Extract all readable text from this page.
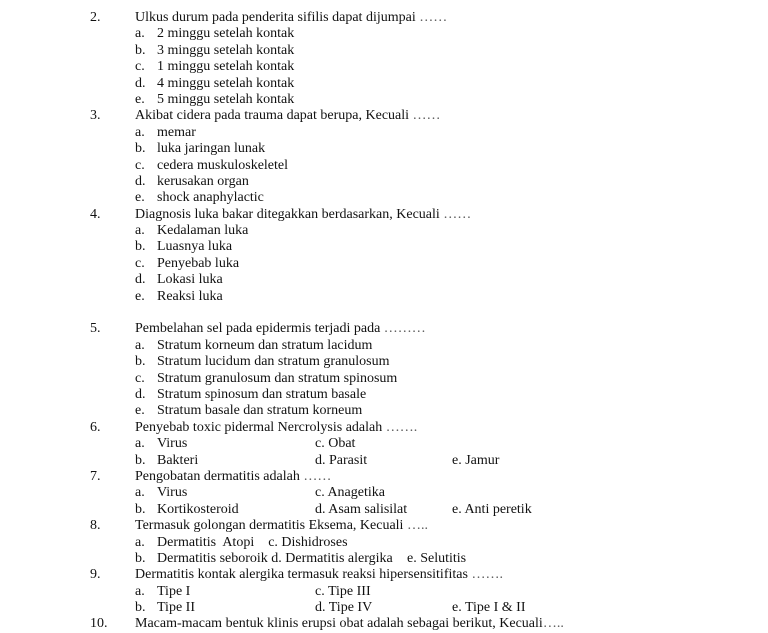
2. Ulkus durum pada penderita sifilis dapat dijumpai ……
a. 2 minggu setelah kontak
b. 3 minggu setelah kontak
c. 1 minggu setelah kontak
d. 4 minggu setelah kontak
e. 5 minggu setelah kontak
3. Akibat cidera pada trauma dapat berupa, Kecuali ……
a. memar
b. luka jaringan lunak
c. cedera muskuloskeletel
d. kerusakan organ
e. shock anaphylactic
4. Diagnosis luka bakar ditegakkan berdasarkan, Kecuali ……
a. Kedalaman luka
b. Luasnya luka
c. Penyebab luka
d. Lokasi luka
e. Reaksi luka
5. Pembelahan sel pada epidermis terjadi pada ………
a. Stratum korneum dan stratum lacidum
b. Stratum lucidum dan stratum granulosum
c. Stratum granulosum dan stratum spinosum
d. Stratum spinosum dan stratum basale
e. Stratum basale dan stratum korneum
6. Penyebab toxic pidermal Nercrolysis adalah …….
a. Virus	c. Obat
b. Bakteri	d. Parasit	e. Jamur
7. Pengobatan dermatitis adalah ……
a. Virus	c. Anagetika
b. Kortikosteroid	d. Asam salisilat	e. Anti peretik
8. Termasuk golongan dermatitis Eksema, Kecuali …..
a. Dermatitis  Atopi    c. Dishidroses
b. Dermatitis seboroik d. Dermatitis alergika e. Selutitis
9. Dermatitis kontak alergika termasuk reaksi hipersensitifitas …….
a. Tipe I	c. Tipe III
b. Tipe II	d. Tipe IV	e. Tipe I & II
10. Macam-macam bentuk klinis erupsi obat adalah sebagai berikut, Kecuali…..
